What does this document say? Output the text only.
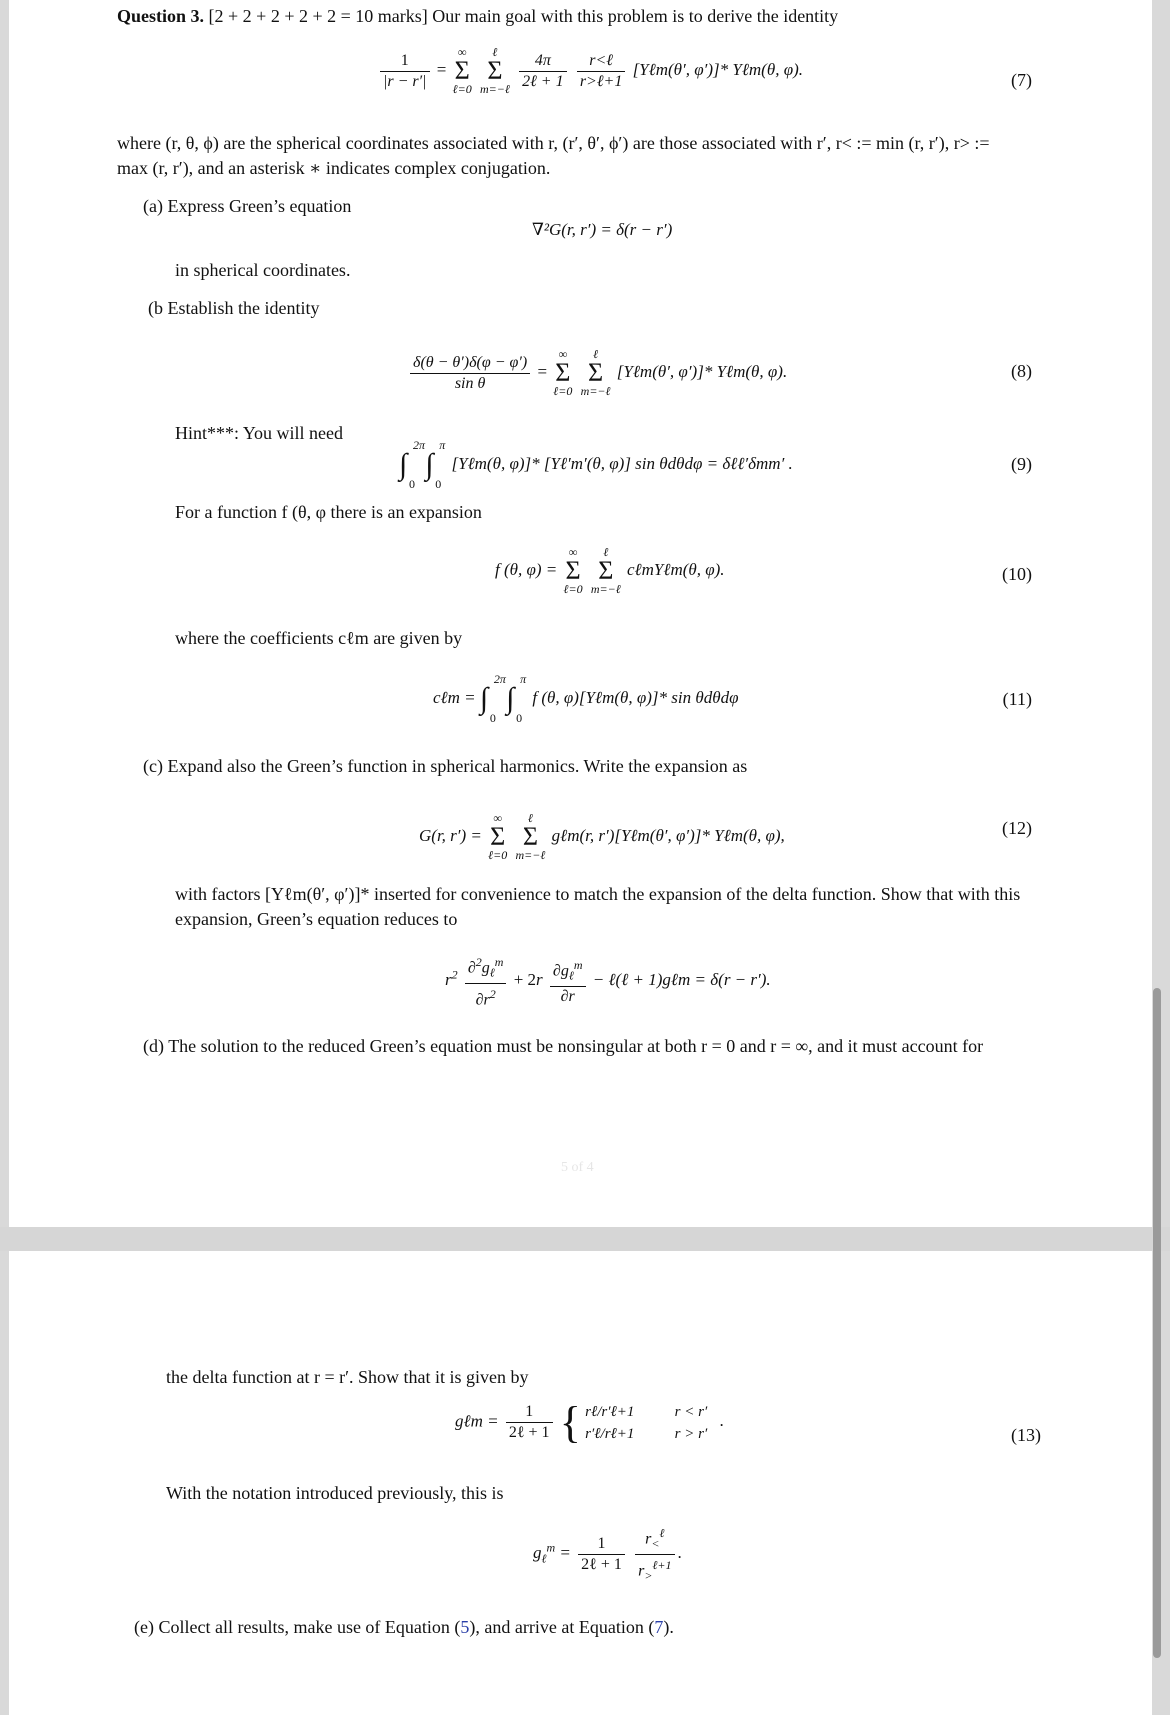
Question 3. [2 + 2 + 2 + 2 + 2 = 10 marks] Our main goal with this problem is to derive the identity
$\frac{1}{|r - r'|}$ =
∞
Σ
ℓ=0

ℓ
Σ
m=−ℓ
$\frac{4\pi}{\text{2ℓ + 1}}$
$\frac{\text{r<ℓ}}{\text{r>ℓ+1}}$ [Yℓm(θ′, φ′)]* Yℓm(θ, φ).
(7)
where (r, θ, ϕ) are the spherical coordinates associated with r, (r′, θ′, ϕ′) are those associated with r′, r< := min (r, r′), r> :=
max (r, r′), and an asterisk ∗ indicates complex conjugation.
(a) Express Green’s equation
∇²G(r, r′) = δ(r − r′)
in spherical coordinates.
(b Establish the identity
$\frac{\delta(\theta - \theta')\delta(\varphi - \varphi')}{\text{sin θ}}$ =
∞
Σ
ℓ=0

ℓ
Σ
m=−ℓ
[Yℓm(θ′, φ′)]* Yℓm(θ, φ).	(8)
Hint***: You will need
∫
2π
0
∫
π
0
[Yℓm(θ, φ)]* [Yℓ′m′(θ, φ)] sin θdθdφ = δℓℓ′δmm′ .	(9)
For a function f (θ, φ there is an expansion
f (θ, φ) =
∞
Σ
ℓ=0

ℓ
Σ
m=−ℓ
cℓmYℓm(θ, φ).	(10)
where the coefficients cℓm are given by
cℓm = ∫
2π
0
∫
π
0
f (θ, φ)[Yℓm(θ, φ)]* sin θdθdφ	(11)
(c) Expand also the Green’s function in spherical harmonics. Write the expansion as
G(r, r′) =
∞
Σ
ℓ=0

ℓ
Σ
m=−ℓ
gℓm(r, r′)[Yℓm(θ′, φ′)]* Yℓm(θ, φ),	(12)
with factors [Yℓm(θ′, φ′)]* inserted for convenience to match the expansion of the delta function. Show that with this
expansion, Green’s equation reduces to
$r^2 \frac{\partial^2g_\ell^m}{\partial r^2} + 2r \frac{\partial g_\ell^m}{\partial r}$ − ℓ(ℓ + 1)gℓm = δ(r − r′).
(d) The solution to the reduced Green’s equation must be nonsingular at both r = 0 and r = ∞, and it must account for
5 of 4
the delta function at r = r′. Show that it is given by
gℓm = $\frac{1}{\text{2ℓ + 1}}$ { rℓ/r′ℓ+1
r′ℓ/rℓ+1

r < r′
r > r′
.
(13)
With the notation introduced previously, this is
$g_\ell^m = \frac{1}{\text{2ℓ + 1}}$
$\frac{r_<^\ell}{r_>^{\ell+1}}$ .
(e) Collect all results, make use of Equation (5), and arrive at Equation (7).
